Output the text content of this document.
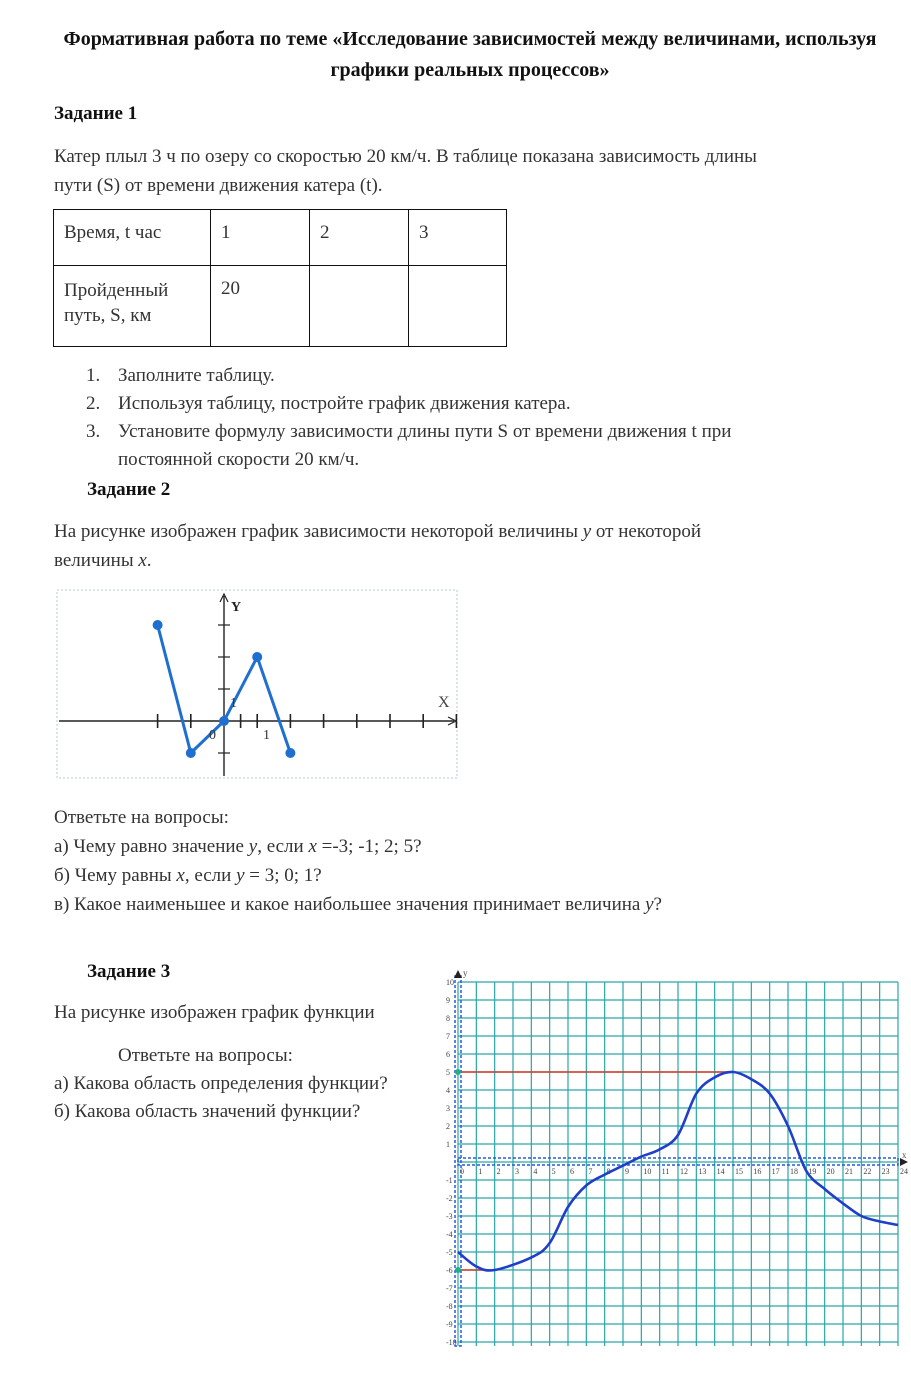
Формативная работа по теме «Исследование зависимостей между величинами, используя
графики реальных процессов»
Задание 1
Катер плыл 3 ч по озеру со скоростью 20 км/ч. В таблице показана зависимость длины
пути (S) от времени движения катера (t).
Время, t час	1	2	3

Пройденный
путь, S, км	20		
1. Заполните таблицу.
2. Используя таблицу, постройте график движения катера.
3. Установите формулу зависимости длины пути S от времени движения t при
постоянной скорости 20 км/ч.
Задание 2
На рисунке изображен график зависимости некоторой величины y от некоторой
величины x.
Y
X
0	1
1
Ответьте на вопросы:
а) Чему равно значение y, если x =-3; -1; 2; 5?
б) Чему равны x, если y = 3; 0; 1?
в) Какое наименьшее и какое наибольшее значения принимает величина y?
Задание 3
На рисунке изображен график функции
Ответьте на вопросы:
а) Какова область определения функции?
б) Какова область значений функции?
0 1 2 3 4 5 6 7 8 9 10 11 12 13 14 15 16 17 18 19 20 21 22 23 24
10
9
8
7
6
5
4
3
2
1
-1
-2
-3
-4
-5
-6
-7
-8
-9
-10
y
x
